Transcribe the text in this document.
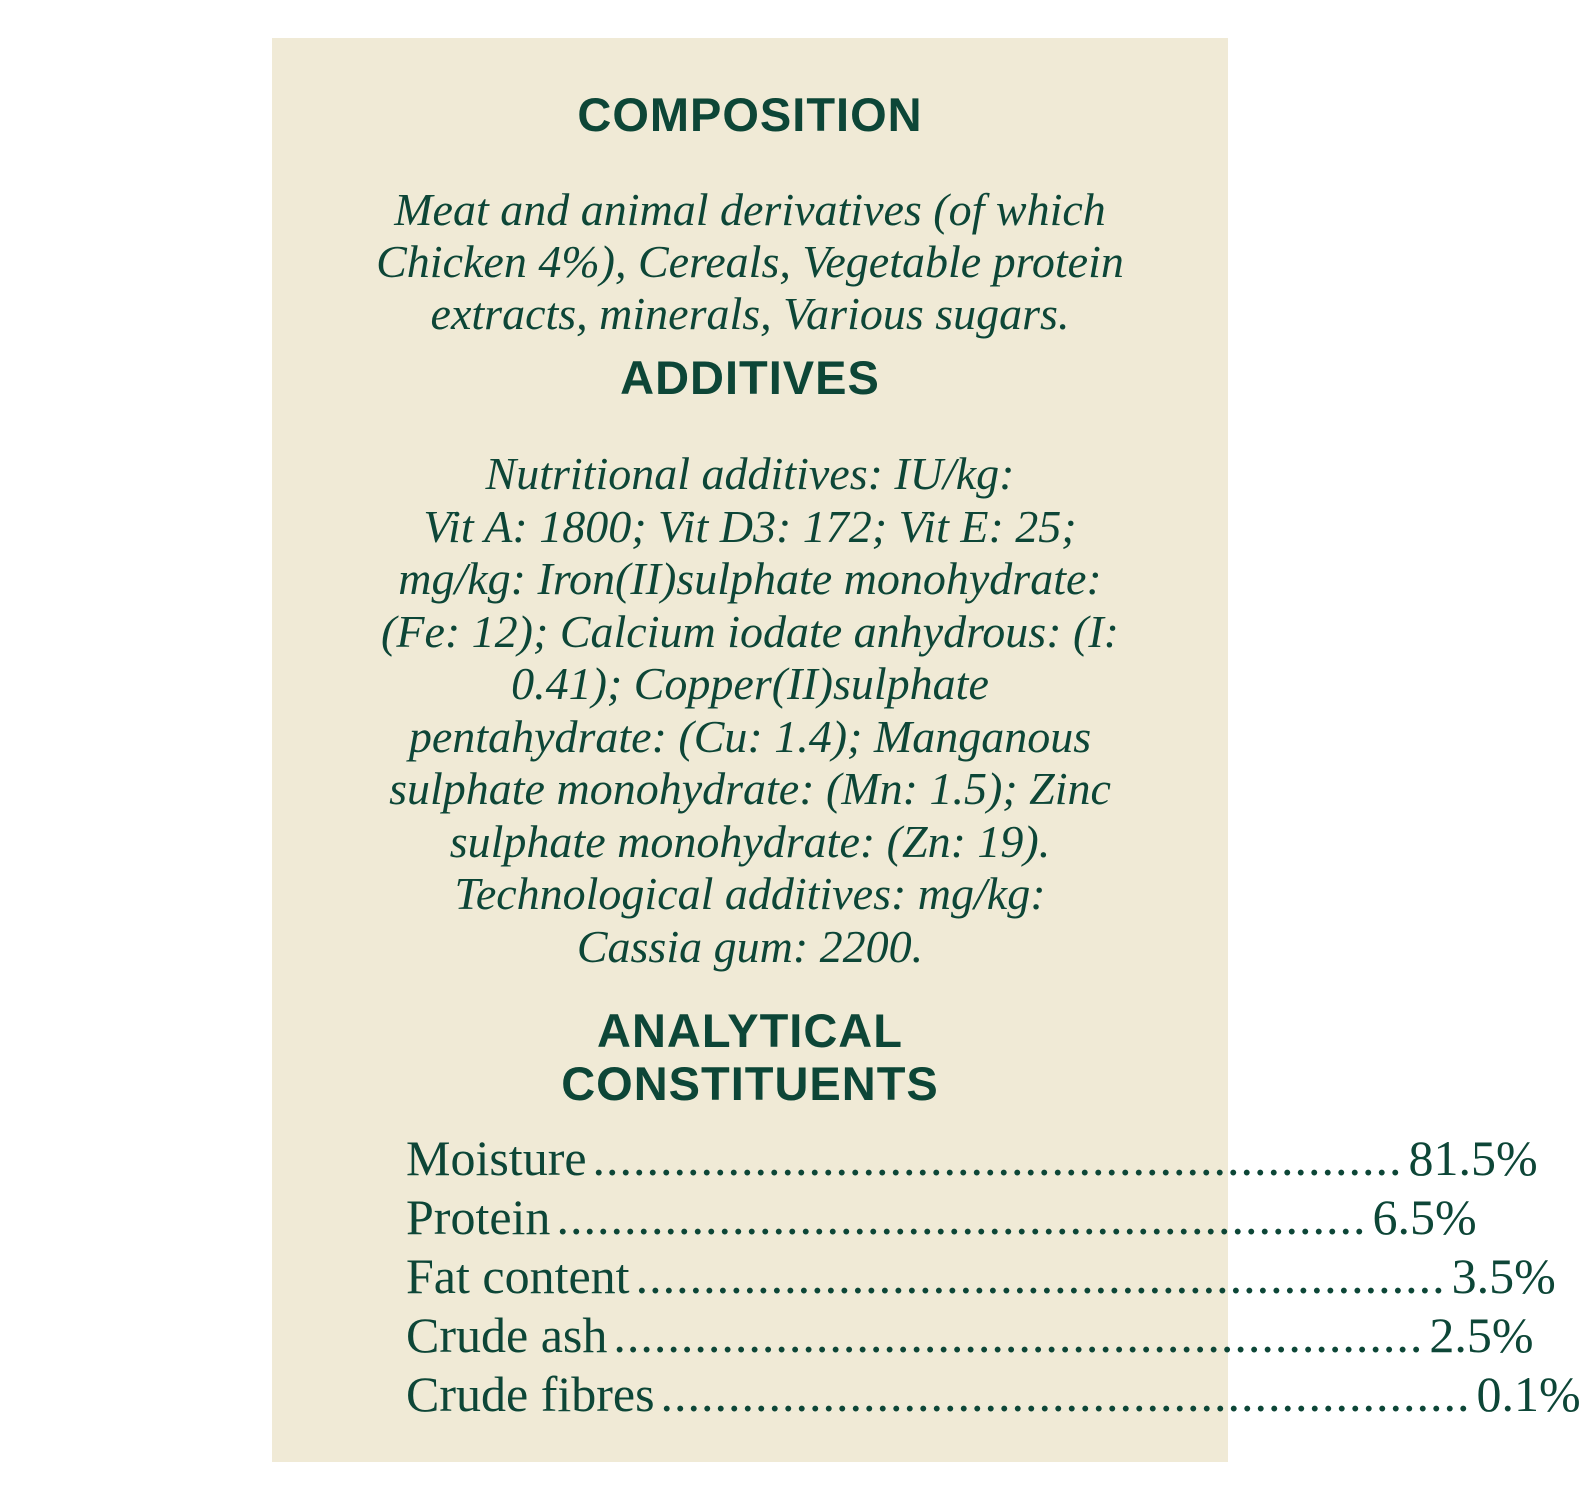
COMPOSITION
Meat and animal derivatives (of which
Chicken 4%), Cereals, Vegetable protein
extracts, minerals, Various sugars.
ADDITIVES
Nutritional additives: IU/kg:
Vit A: 1800; Vit D3: 172; Vit E: 25;
mg/kg: Iron(II)sulphate monohydrate:
(Fe: 12); Calcium iodate anhydrous: (I:
0.41); Copper(II)sulphate
pentahydrate: (Cu: 1.4); Manganous
sulphate monohydrate: (Mn: 1.5); Zinc
sulphate monohydrate: (Zn: 19).
Technological additives: mg/kg:
Cassia gum: 2200.
ANALYTICAL
CONSTITUENTS
Moisture ............................................................ 81.5%
Protein ............................................................ 6.5%
Fat content ............................................................ 3.5%
Crude ash ............................................................ 2.5%
Crude fibres ............................................................ 0.1%
